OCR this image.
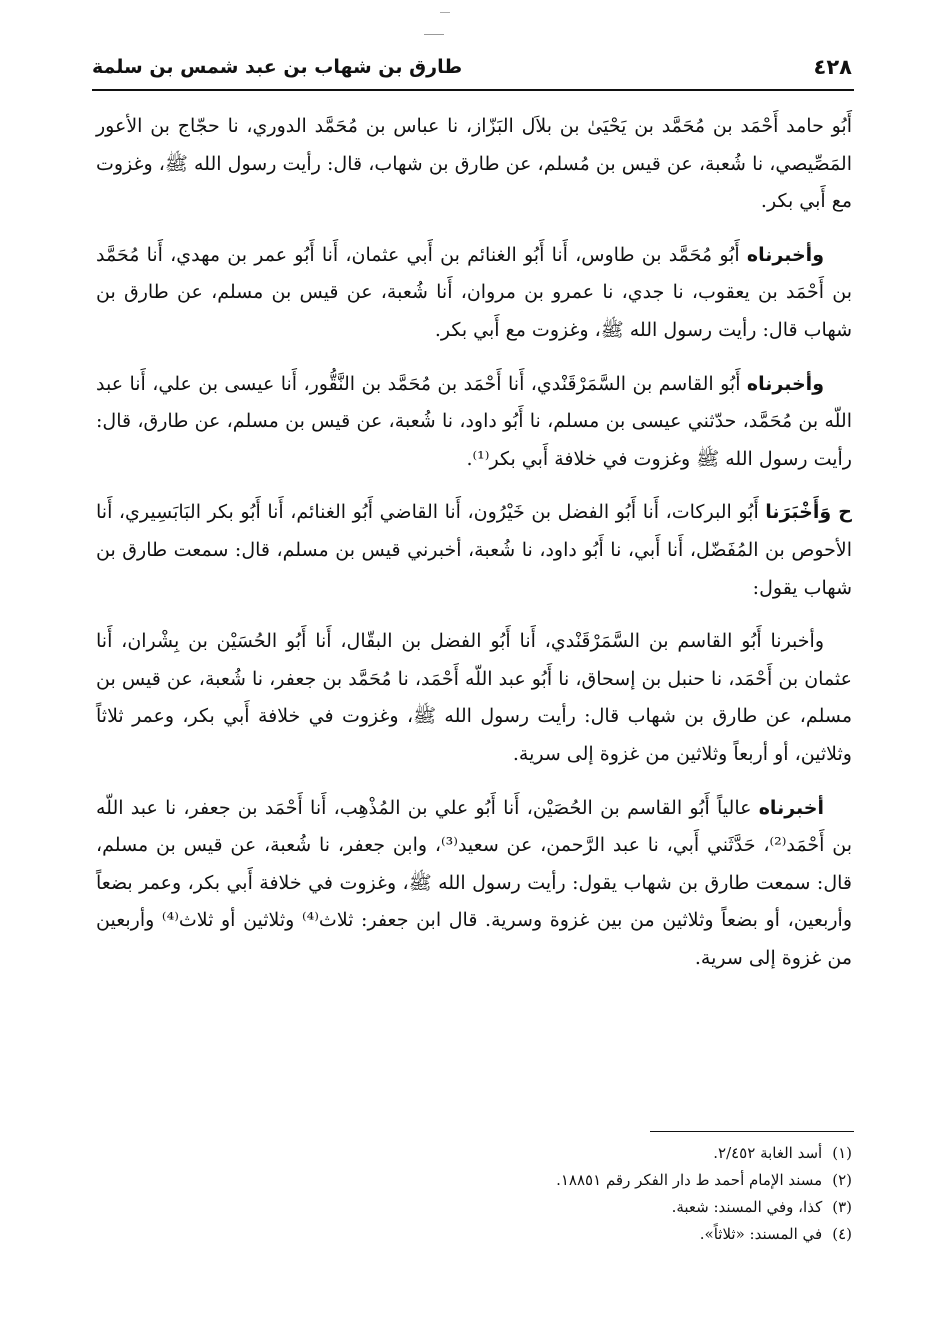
٤٢٨
طارق بن شهاب بن عبد شمس بن سلمة

أَبُو حامد أَحْمَد بن مُحَمَّد بن يَحْيَىٰ بن بلاَل البَزّاز، نا عباس بن مُحَمَّد الدوري، نا حجّاج بن الأعور المَصِّيصي، نا شُعبة، عن قيس بن مُسلم، عن طارق بن شهاب، قال: رأيت رسول الله ﷺ، وغزوت مع أَبي بكر.

وأخبرناه أَبُو مُحَمَّد بن طاوس، أَنا أَبُو الغنائم بن أَبي عثمان، أَنا أَبُو عمر بن مهدي، أَنا مُحَمَّد بن أَحْمَد بن يعقوب، نا جدي، نا عمرو بن مروان، أَنا شُعبة، عن قيس بن مسلم، عن طارق بن شهاب قال: رأيت رسول الله ﷺ، وغزوت مع أَبي بكر.

وأخبرناه أَبُو القاسم بن السَّمَرْقَنْدي، أَنا أَحْمَد بن مُحَمَّد بن النَّقُّور، أَنا عيسى بن علي، أَنا عبد اللّه بن مُحَمَّد، حدّثني عيسى بن مسلم، نا أَبُو داود، نا شُعبة، عن قيس بن مسلم، عن طارق، قال: رأيت رسول الله ﷺ وغزوت في خلافة أَبي بكر⁽¹⁾.

ح وَأَخْبَرَنا أَبُو البركات، أَنا أَبُو الفضل بن خَيْرُون، أَنا القاضي أَبُو الغنائم، أَنا أَبُو بكر البَابَسِيري، أَنا الأحوص بن المُفَضّل، أَنا أَبي، نا أَبُو داود، نا شُعبة، أخبرني قيس بن مسلم، قال: سمعت طارق بن شهاب يقول:

وأخبرنا أَبُو القاسم بن السَّمَرْقَنْدي، أَنا أَبُو الفضل بن البقّال، أَنا أَبُو الحُسَيْن بن بِشْران، أَنا عثمان بن أَحْمَد، نا حنبل بن إسحاق، نا أَبُو عبد اللّه أَحْمَد، نا مُحَمَّد بن جعفر، نا شُعبة، عن قيس بن مسلم، عن طارق بن شهاب قال: رأيت رسول الله ﷺ، وغزوت في خلافة أَبي بكر، وعمر ثلاثاً وثلاثين، أو أربعاً وثلاثين من غزوة إلى سرية.

أخبرناه عالياً أَبُو القاسم بن الحُصَيْن، أَنا أَبُو علي بن المُذْهِب، أَنا أَحْمَد بن جعفر، نا عبد اللّه بن أَحْمَد⁽²⁾، حَدَّثَني أَبي، نا عبد الرَّحمن، عن سعيد⁽³⁾، وابن جعفر، نا شُعبة، عن قيس بن مسلم، قال: سمعت طارق بن شهاب يقول: رأيت رسول الله ﷺ، وغزوت في خلافة أَبي بكر، وعمر بضعاً وأربعين، أو بضعاً وثلاثين من بين غزوة وسرية. قال ابن جعفر: ثلاث⁽⁴⁾ وثلاثين أو ثلاث⁽⁴⁾ وأربعين من غزوة إلى سرية.

(١)أسد الغابة ٢/٤٥٢.
(٢)مسند الإمام أحمد ط دار الفكر رقم ١٨٨٥١.
(٣)كذا، وفي المسند: شعبة.
(٤)في المسند: «ثلاثاً».
